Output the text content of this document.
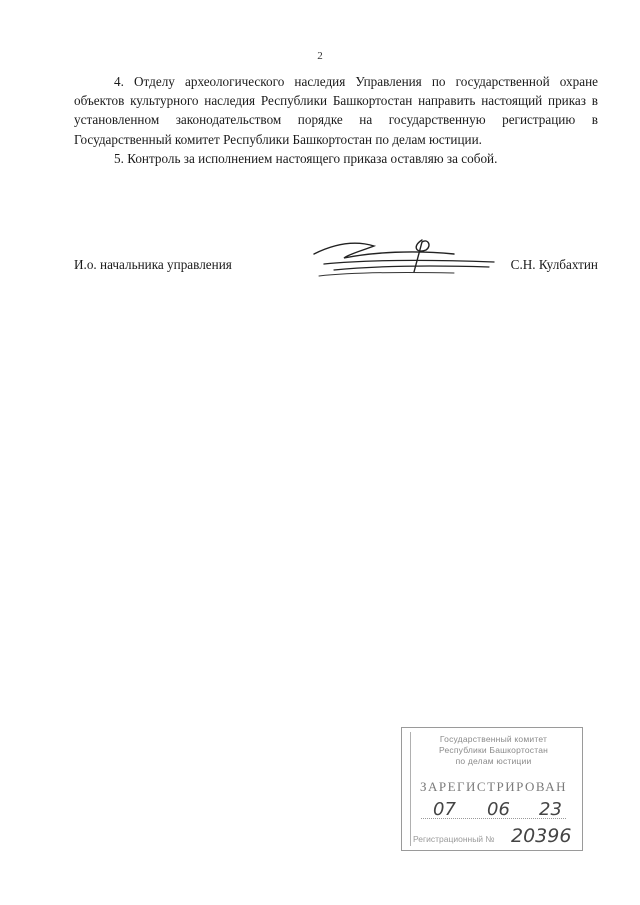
2

4. Отделу археологического наследия Управления по государственной охране объектов культурного наследия Республики Башкортостан направить настоящий приказ в установленном законодательством порядке на государственную регистрацию в Государственный комитет Республики Башкортостан по делам юстиции.

5. Контроль за исполнением настоящего приказа оставляю за собой.

И.о. начальника управления	С.Н. Кулбахтин
Государственный комитет
Республики Башкортостан
по делам юстиции
ЗАРЕГИСТРИРОВАН
07 06 23
Регистрационный № 20396
